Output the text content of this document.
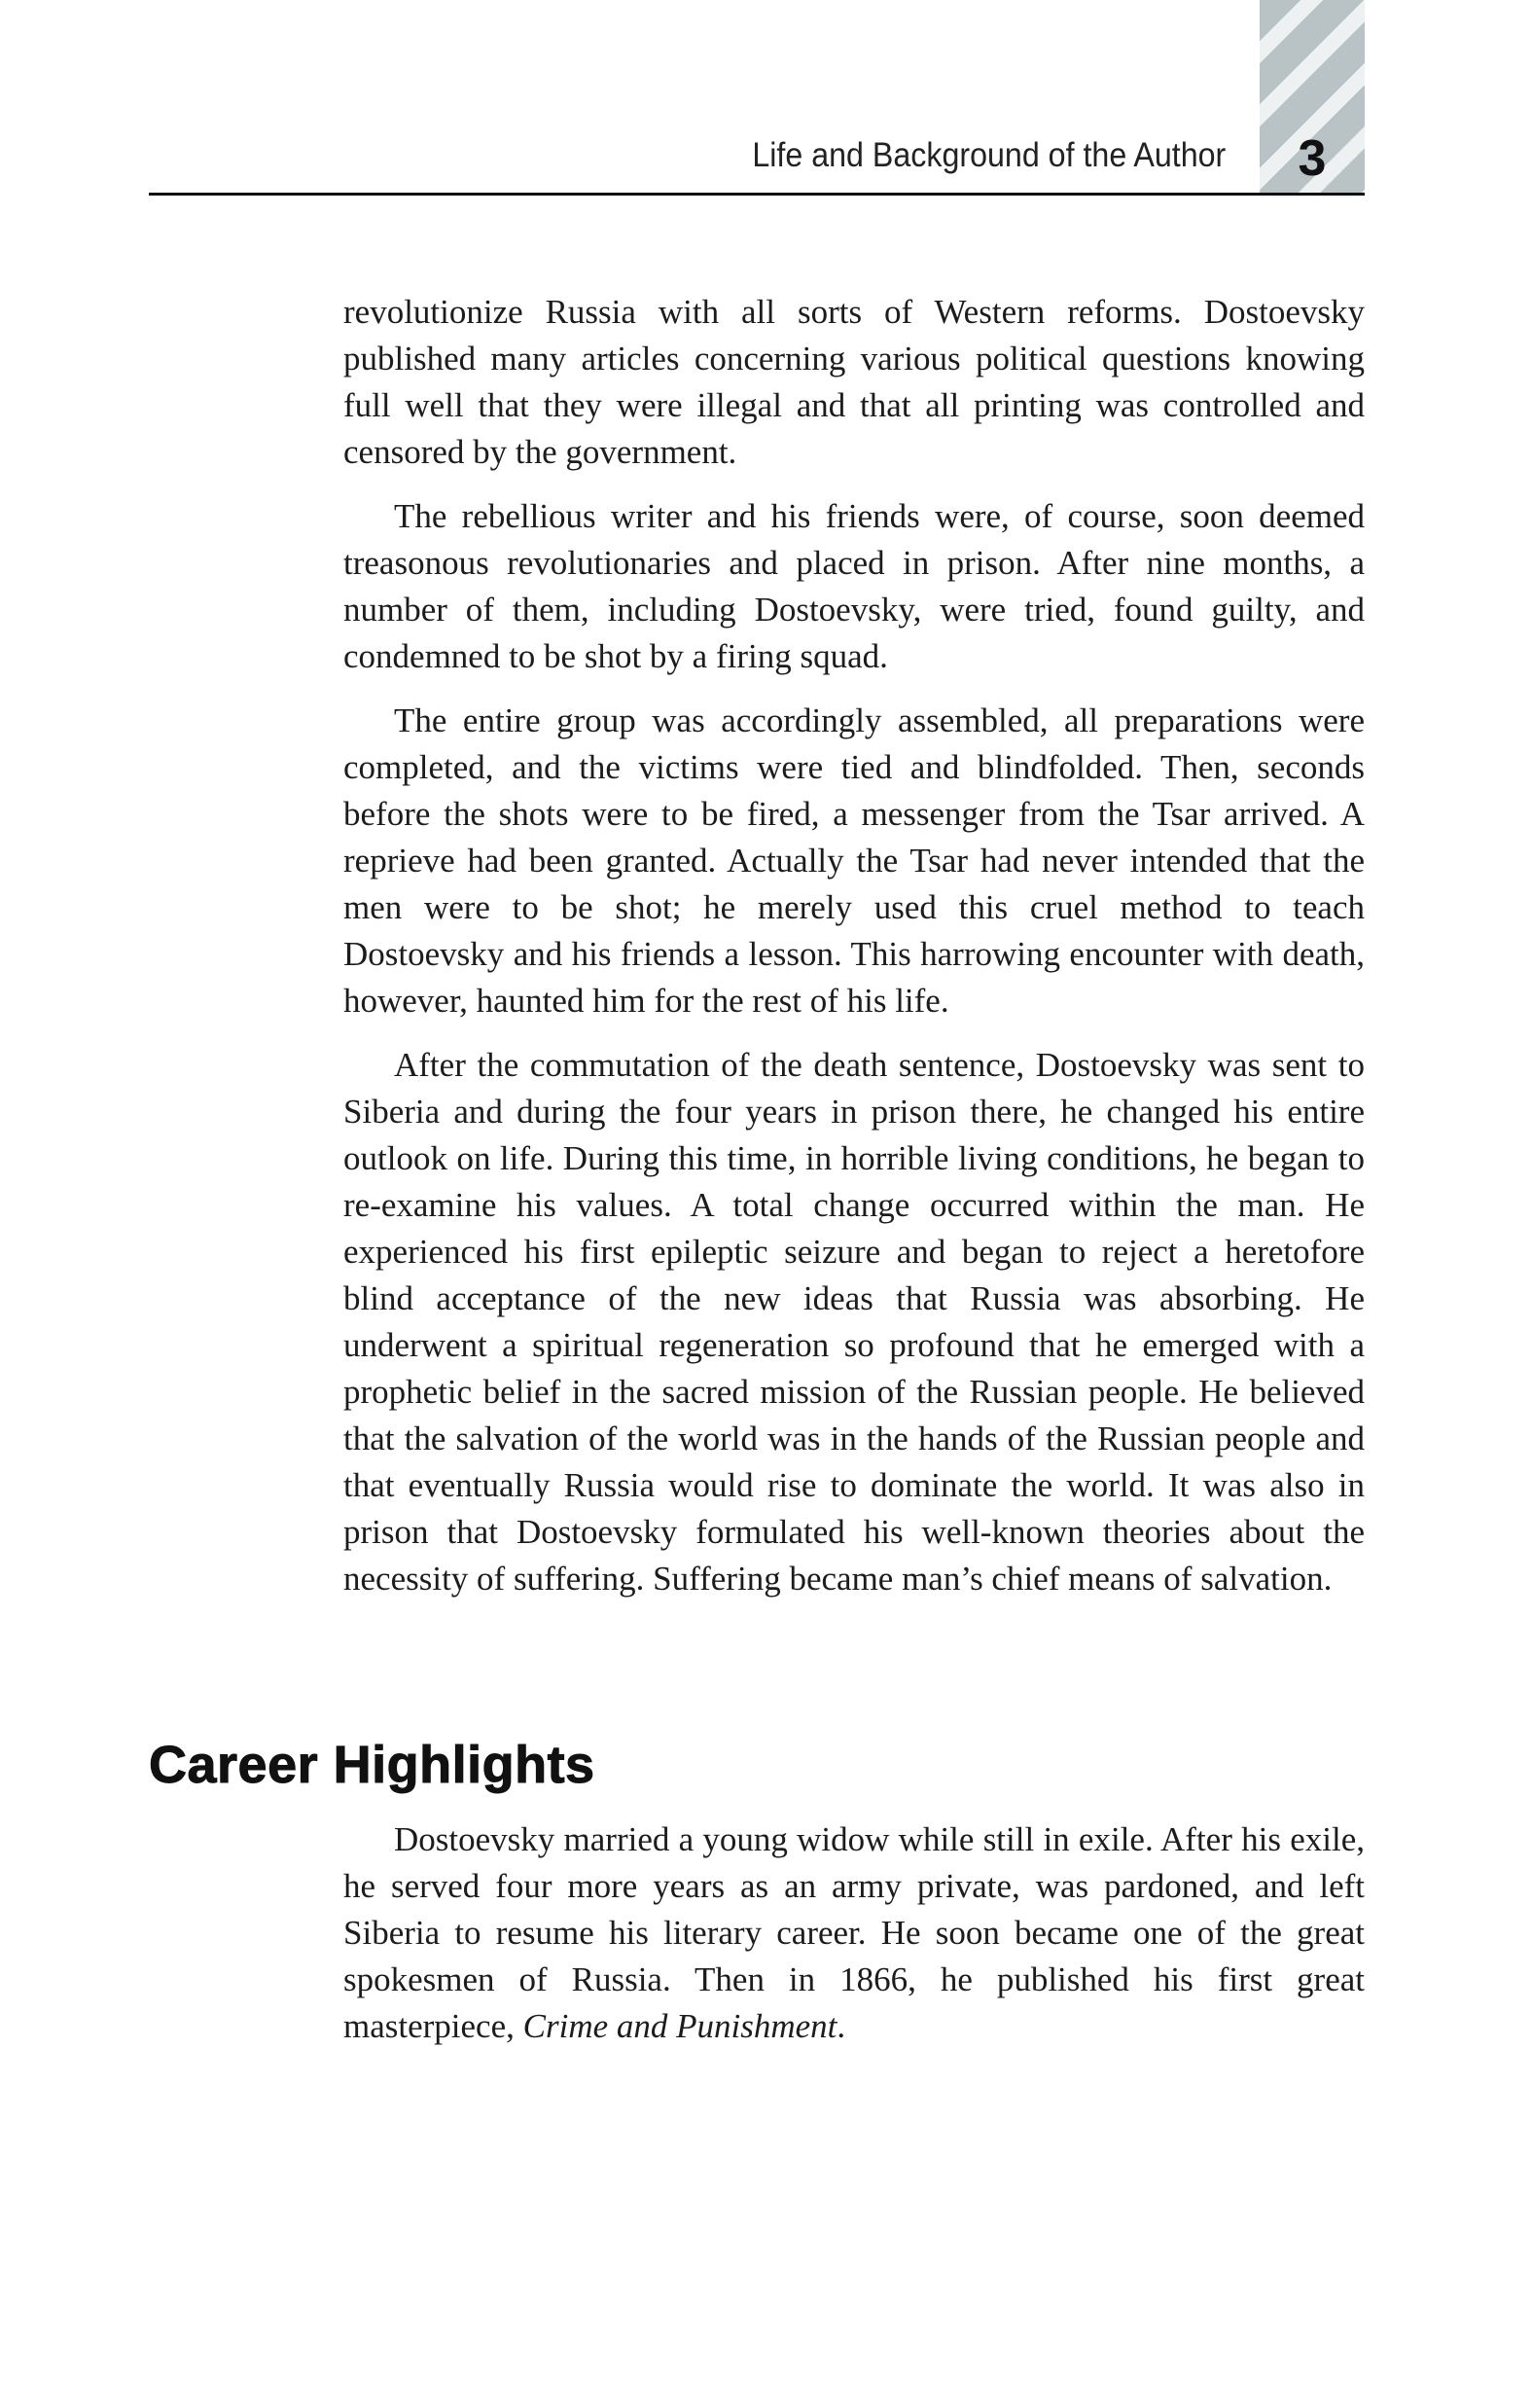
3
Life and Background of the Author

revolutionize Russia with all sorts of Western reforms. Dostoevsky published many articles concerning various political questions knowing full well that they were illegal and that all printing was controlled and censored by the government.

The rebellious writer and his friends were, of course, soon deemed treasonous revolutionaries and placed in prison. After nine months, a number of them, including Dostoevsky, were tried, found guilty, and condemned to be shot by a firing squad.

The entire group was accordingly assembled, all preparations were completed, and the victims were tied and blindfolded. Then, seconds before the shots were to be fired, a messenger from the Tsar arrived. A reprieve had been granted. Actually the Tsar had never intended that the men were to be shot; he merely used this cruel method to teach Dostoevsky and his friends a lesson. This harrowing encounter with death, however, haunted him for the rest of his life.

After the commutation of the death sentence, Dostoevsky was sent to Siberia and during the four years in prison there, he changed his entire outlook on life. During this time, in horrible living conditions, he began to re-examine his values. A total change occurred within the man. He experienced his first epileptic seizure and began to reject a heretofore blind acceptance of the new ideas that Russia was absorbing. He underwent a spiritual regeneration so profound that he emerged with a prophetic belief in the sacred mission of the Russian people. He believed that the salvation of the world was in the hands of the Russian people and that eventually Russia would rise to dominate the world. It was also in prison that Dostoevsky formulated his well-known theories about the necessity of suffering. Suffering became man’s chief means of salvation.

Career Highlights

Dostoevsky married a young widow while still in exile. After his exile, he served four more years as an army private, was pardoned, and left Siberia to resume his literary career. He soon became one of the great spokesmen of Russia. Then in 1866, he published his first great masterpiece, Crime and Punishment.
